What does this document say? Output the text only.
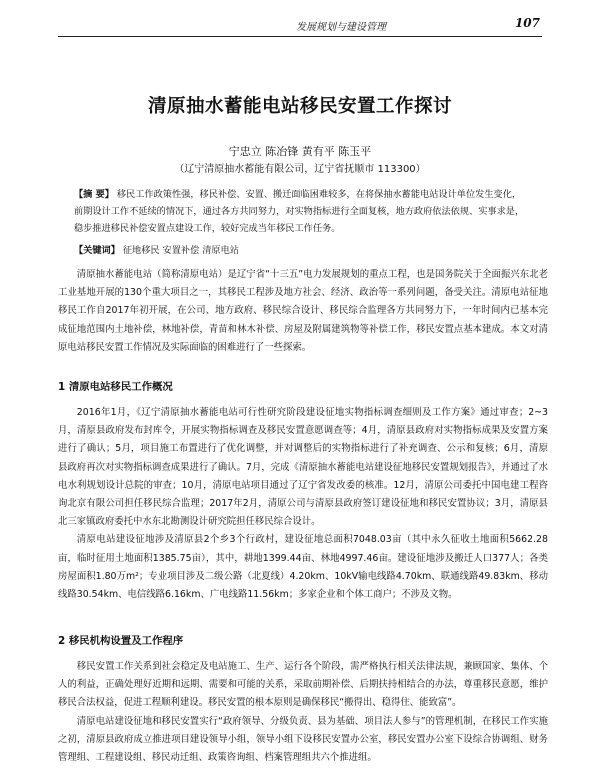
发展规划与建设管理	107
清原抽水蓄能电站移民安置工作探讨
宁忠立 陈冶锋 黄有平 陈玉平
（辽宁清原抽水蓄能有限公司，辽宁省抚顺市 113300）
【摘 要】 移民工作政策性强，移民补偿、安置、搬迁面临困难较多，在将保抽水蓄能电站设计单位发生变化，前期设计工作不延续的情况下，通过各方共同努力，对实物指标进行全面复核，地方政府依法依规、实事求是，稳步推进移民补偿安置点建设工作，较好完成当年移民工作任务。
【关键词】 征地移民 安置补偿 清原电站

清原抽水蓄能电站（简称清原电站）是辽宁省“十三五”电力发展规划的重点工程，也是国务院关于全面振兴东北老工业基地开展的130个重大项目之一，其移民工程涉及地方社会、经济、政治等一系列问题，备受关注。清原电站征地移民工作自2017年初开展，在公司、地方政府、移民综合设计、移民综合监理各方共同努力下，一年时间内已基本完成征地范围内土地补偿，林地补偿，青苗和林木补偿、房屋及附属建筑物等补偿工作，移民安置点基本建成。本文对清原电站移民安置工作情况及实际面临的困难进行了一些探索。

1 清原电站移民工作概况

2016年1月，《辽宁清原抽水蓄能电站可行性研究阶段建设征地实物指标调查细则及工作方案》通过审查；2~3月，清原县政府发布封库令，开展实物指标调查及移民安置意愿调查等；4月，清原县政府对实物指标成果及安置方案进行了确认；5月，项目施工布置进行了优化调整，并对调整后的实物指标进行了补充调查、公示和复核；6月，清原县政府再次对实物指标调查成果进行了确认。7月，完成《清原抽水蓄能电站建设征地移民安置规划报告》，并通过了水电水利规划设计总院的审查；10月，清原电站项目通过了辽宁省发改委的核准。12月，清原公司委托中国电建工程咨询北京有限公司担任移民综合监理；2017年2月，清原公司与清原县政府签订建设征地和移民安置协议；3月，清原县北三家镇政府委托中水东北勘测设计研究院担任移民综合设计。

清原电站建设征地涉及清原县2个乡3个行政村，建设征地总面积7048.03亩（其中永久征收土地面积5662.28亩，临时征用土地面积1385.75亩），其中，耕地1399.44亩、林地4997.46亩。建设征地涉及搬迁人口377人；各类房屋面积1.80万m²；专业项目涉及二级公路（北夏线）4.20km、10kV输电线路4.70km、联通线路49.83km、移动线路30.54km、电信线路6.16km、广电线路11.56km；多家企业和个体工商户；不涉及文物。

2 移民机构设置及工作程序

移民安置工作关系到社会稳定及电站施工、生产、运行各个阶段，需严格执行相关法律法规，兼顾国家、集体、个人的利益，正确处理好近期和远期、需要和可能的关系，采取前期补偿、后期扶持相结合的办法，尊重移民意愿，维护移民合法权益，促进工程顺利建设。移民安置的根本原则是确保移民“搬得出、稳得住、能致富”。

清原电站建设征地和移民安置实行“政府领导、分级负责、县为基础、项目法人参与”的管理机制，在移民工作实施之初，清原县政府成立推进项目建设领导小组，领导小组下设移民安置办公室，移民安置办公室下设综合协调组、财务管理组、工程建设组、移民动迁组、政策咨询组、档案管理组共六个推进组。
